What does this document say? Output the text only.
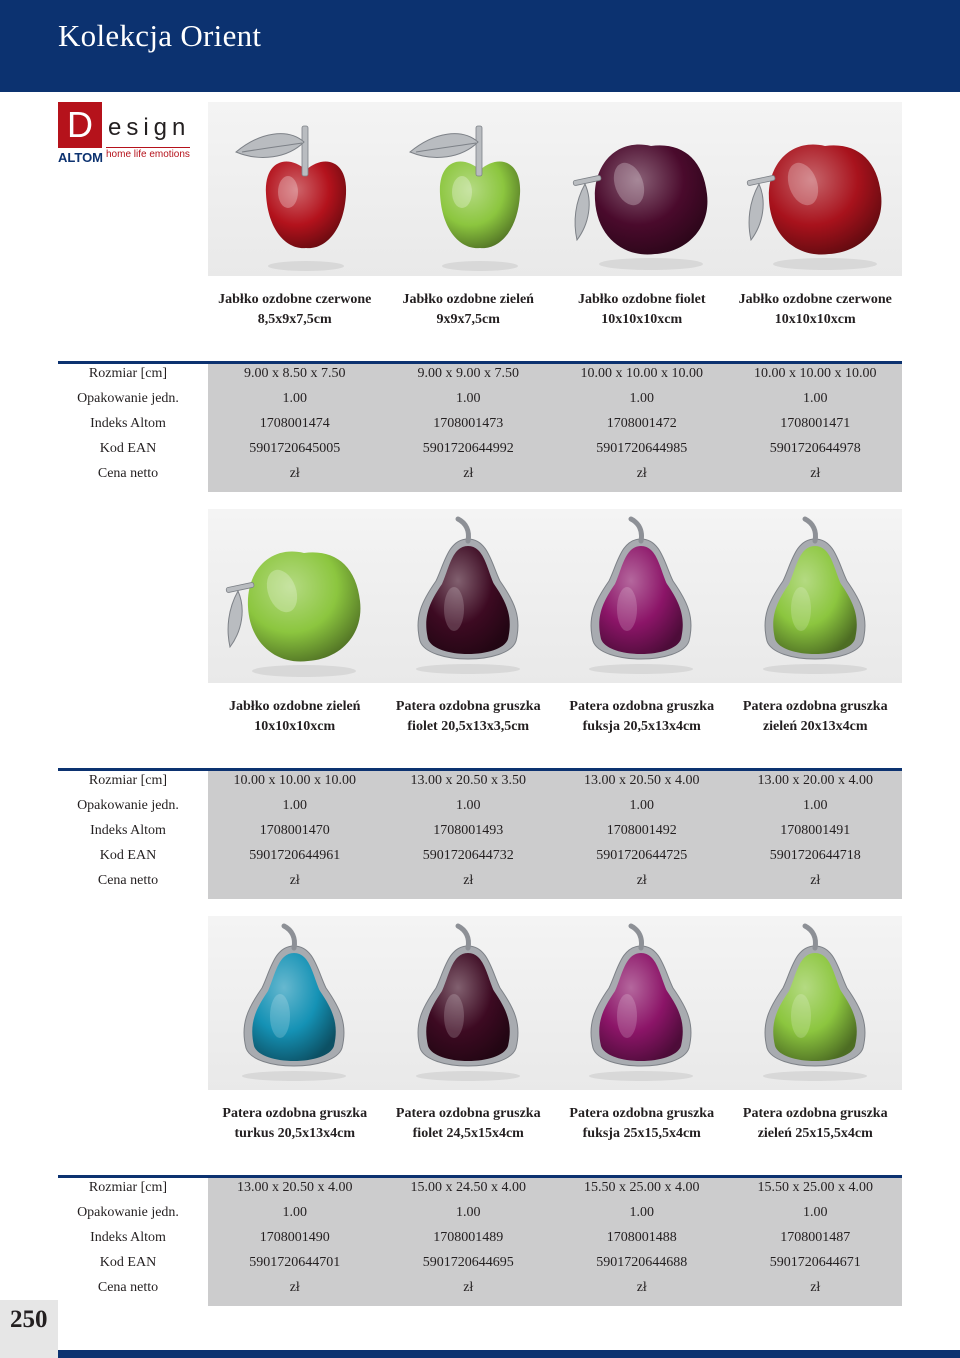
Kolekcja Orient
D esign
ALTOM home life emotions
Jabłko ozdobne czerwone
8,5x9x7,5cm
Jabłko ozdobne zieleń
9x9x7,5cm
Jabłko ozdobne fiolet
10x10x10xcm
Jabłko ozdobne czerwone
10x10x10xcm
Rozmiar [cm]
Opakowanie jedn.
Indeks Altom
Kod EAN
Cena netto
9.00 x 8.50 x 7.50	9.00 x 9.00 x 7.50	10.00 x 10.00 x 10.00	10.00 x 10.00 x 10.00
1.00	1.00	1.00	1.00
1708001474	1708001473	1708001472	1708001471
5901720645005	5901720644992	5901720644985	5901720644978
zł	zł	zł	zł
Jabłko ozdobne zieleń
10x10x10xcm
Patera ozdobna gruszka
fiolet 20,5x13x3,5cm
Patera ozdobna gruszka
fuksja 20,5x13x4cm
Patera ozdobna gruszka
zieleń 20x13x4cm
Rozmiar [cm]
Opakowanie jedn.
Indeks Altom
Kod EAN
Cena netto
10.00 x 10.00 x 10.00	13.00 x 20.50 x 3.50	13.00 x 20.50 x 4.00	13.00 x 20.00 x 4.00
1.00	1.00	1.00	1.00
1708001470	1708001493	1708001492	1708001491
5901720644961	5901720644732	5901720644725	5901720644718
zł	zł	zł	zł
Patera ozdobna gruszka
turkus 20,5x13x4cm
Patera ozdobna gruszka
fiolet 24,5x15x4cm
Patera ozdobna gruszka
fuksja 25x15,5x4cm
Patera ozdobna gruszka
zieleń 25x15,5x4cm
Rozmiar [cm]
Opakowanie jedn.
Indeks Altom
Kod EAN
Cena netto
13.00 x 20.50 x 4.00	15.00 x 24.50 x 4.00	15.50 x 25.00 x 4.00	15.50 x 25.00 x 4.00
1.00	1.00	1.00	1.00
1708001490	1708001489	1708001488	1708001487
5901720644701	5901720644695	5901720644688	5901720644671
zł	zł	zł	zł
250
